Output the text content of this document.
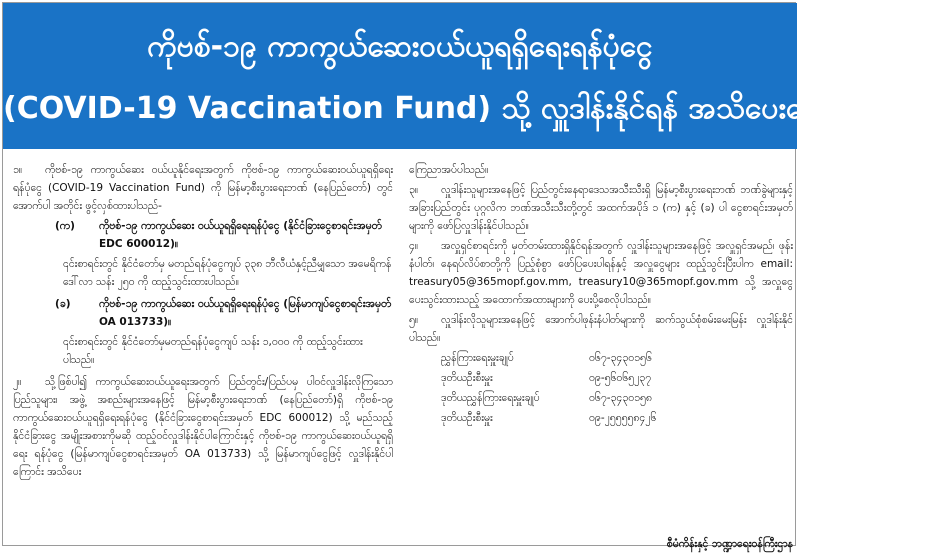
ကိုဗစ်-၁၉ ကာကွယ်ဆေးဝယ်ယူရရှိရေးရန်ပုံငွေ
(COVID-19 Vaccination Fund) သို့ လှူဒါန်းနိုင်ရန် အသိပေးကြေညာချက်
၁။	ကိုဗစ်-၁၉ ကာကွယ်ဆေး ဝယ်ယူနိုင်ရေးအတွက် ကိုဗစ်-၁၉ ကာကွယ်ဆေးဝယ်ယူရရှိရေး ရန်ပုံငွေ (COVID-19 Vaccination Fund) ကို မြန်မာ့စီးပွားရေးဘဏ် (နေပြည်တော်) တွင် အောက်ပါ အတိုင်း ဖွင့်လှစ်ထားပါသည်-
(က)	ကိုဗစ်-၁၉ ကာကွယ်ဆေး ဝယ်ယူရရှိရေးရန်ပုံငွေ (နိုင်ငံခြားငွေစာရင်းအမှတ် EDC 600012)။
၎င်းစာရင်းတွင် နိုင်ငံတော်မှ မတည်ရန်ပုံငွေကျပ် ၃၃၈ ဘီလီယံနှင့်ညီမျှသော အမေရိကန်ဒေါ်လာ သန်း ၂၅၀ ကို ထည့်သွင်းထားပါသည်။
(ခ)	ကိုဗစ်-၁၉ ကာကွယ်ဆေး ဝယ်ယူရရှိရေးရန်ပုံငွေ (မြန်မာကျပ်ငွေစာရင်းအမှတ် OA 013733)။
၎င်းစာရင်းတွင် နိုင်ငံတော်မှမတည်ရန်ပုံငွေကျပ် သန်း ၁,၀၀၀ ကို ထည့်သွင်းထားပါသည်။
၂။	သို့ဖြစ်ပါ၍ ကာကွယ်ဆေးဝယ်ယူရေးအတွက် ပြည်တွင်း/ပြည်ပမှ ပါဝင်လှူဒါန်းလိုကြသော ပြည်သူများ၊ အဖွဲ့ အစည်းများအနေဖြင့် မြန်မာ့စီးပွားရေးဘဏ် (နေပြည်တော်)ရှိ ကိုဗစ်-၁၉ ကာကွယ်ဆေးဝယ်ယူရရှိရေးရန်ပုံငွေ (နိုင်ငံခြားငွေစာရင်းအမှတ် EDC 600012) သို့ မည်သည့်နိုင်ငံခြားငွေ အမျိုးအစားကိုမဆို ထည့်ဝင်လှူဒါန်းနိုင်ပါကြောင်းနှင့် ကိုဗစ်-၁၉ ကာကွယ်ဆေးဝယ်ယူရရှိရေး ရန်ပုံငွေ (မြန်မာကျပ်ငွေစာရင်းအမှတ် OA 013733) သို့ မြန်မာကျပ်ငွေဖြင့် လှူဒါန်းနိုင်ပါကြောင်း အသိပေး
ကြေညာအပ်ပါသည်။
၃။	လှူဒါန်းသူများအနေဖြင့် ပြည်တွင်းနေရာဒေသအသီးသီးရှိ မြန်မာ့စီးပွားရေးဘဏ် ဘဏ်ခွဲများနှင့် အခြားပြည်တွင်း ပုဂ္ဂလိက ဘဏ်အသီးသီးတို့တွင် အထက်အပိုဒ် ၁ (က) နှင့် (ခ) ပါ ငွေစာရင်းအမှတ်များကို ဖော်ပြလှူဒါန်းနိုင်ပါသည်။
၄။	အလှူရှင်စာရင်းကို မှတ်တမ်းထားရှိနိုင်ရန်အတွက် လှူဒါန်းသူများအနေဖြင့် အလှူရှင်အမည်၊ ဖုန်းနံပါတ်၊ နေရပ်လိပ်စာတို့ကို ပြည့်စုံစွာ ဖော်ပြပေးပါရန်နှင့် အလှူငွေများ ထည့်သွင်းပြီးပါက email: treasury05@365mopf.gov.mm, treasury10@365mopf.gov.mm သို့ အလှူငွေပေးသွင်းထားသည့် အထောက်အထားများကို ပေးပို့စေလိုပါသည်။
၅။	လှူဒါန်းလိုသူများအနေဖြင့် အောက်ပါဖုန်းနံပါတ်များကို ဆက်သွယ်စုံစမ်းမေးမြန်း လှူဒါန်းနိုင်ပါသည်။
ညွှန်ကြားရေးမှူးချုပ်	၀၆၇-၃၄၃၀၁၅၆
ဒုတိယဦးစီးမှူး	၀၉-၅၆၀၆၅၂၃၇
ဒုတိယညွှန်ကြားရေးမှူးချုပ်	၀၆၇-၃၄၃၀၁၅၈
ဒုတိယဦးစီးမှူး	၀၉-၂၅၅၅၅၈၄၂၆
စီမံကိန်းနှင့် ဘဏ္ဍာရေးဝန်ကြီးဌာန
